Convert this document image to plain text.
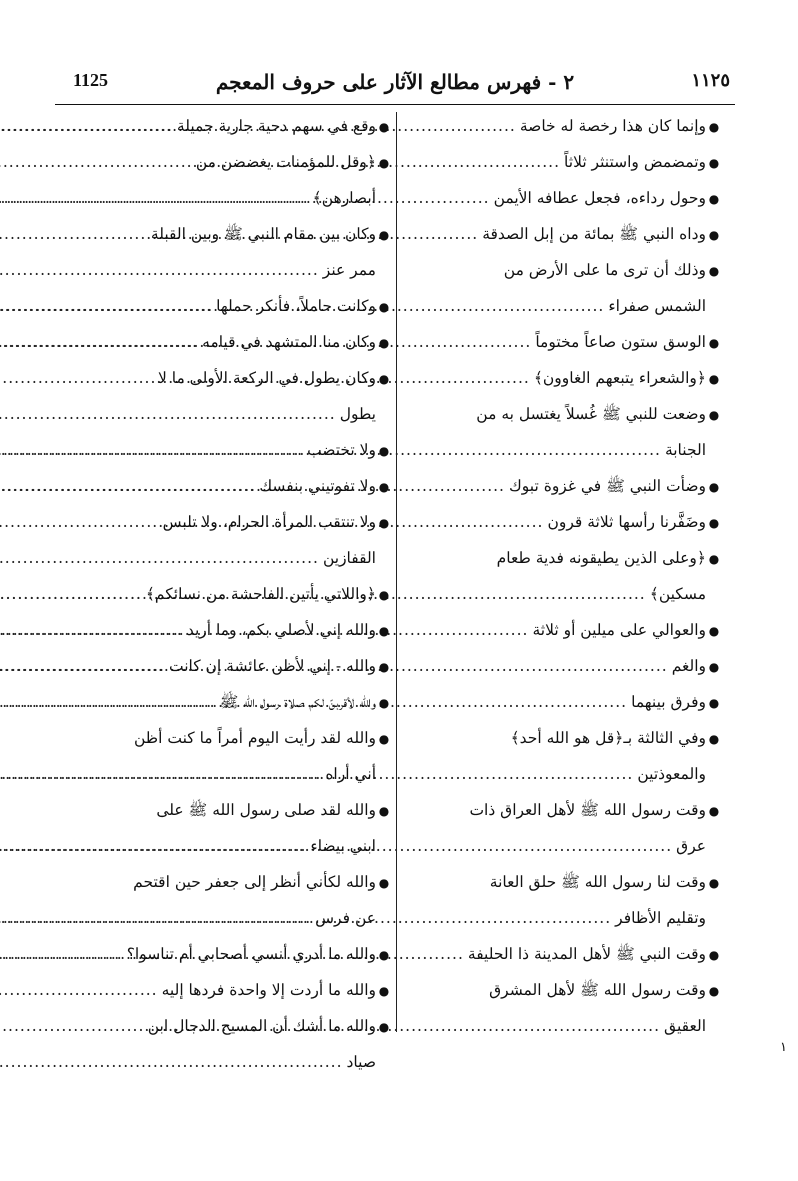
1125	٢ - فهرس مطالع الآثار على حروف المعجم	١١٢٥
●
وإنما كان هذا رخصة له خاصة
.....
●
وتمضمض واستنثر ثلاثاً
.....
●
وحول رداءه، فجعل عطافه الأيمن
.....
●
وداه النبي ﷺ بمائة من إبل الصدقة
.....
●
وذلك أن ترى ما على الأرض من
الشمس صفراء
.....
●
الوسق ستون صاعاً مختوماً
.....
●
﴿والشعراء يتبعهم الغاوون﴾
.....
●
وضعت للنبي ﷺ غُسلاً يغتسل به من
الجنابة
.....
●
وضأت النبي ﷺ في غزوة تبوك
.....
●
وضَفَّرنا رأسها ثلاثة قرون
.....
●
﴿وعلى الذين يطيقونه فدية طعام
مسكين﴾
.....
●
والعوالي على ميلين أو ثلاثة
.....
●
والغم
.....
●
وفرق بينهما
.....
●
وفي الثالثة بـ﴿قل هو الله أحد﴾
والمعوذتين
.....
●
وقت رسول الله ﷺ لأهل العراق ذات
عرق
.....
●
وقت لنا رسول الله ﷺ حلق العانة
وتقليم الأظافر
.....
●
وقت النبي ﷺ لأهل المدينة ذا الحليفة
.....
●
وقت رسول الله ﷺ لأهل المشرق
العقيق
.....
●
وقع في سهم دحية جارية جميلة
.....
●
﴿وقل للمؤمنات يغضضن من
أبصارهن﴾
.....
●
وكان بين مقام النبي ﷺ وبين القبلة
ممر عنز
.....
●
وكانت حاملاً، فأنكر حملها
.....
●
وكان منا المتشهد في قيامه
.....
●
وكان يطول في الركعة الأولى ما لا
يطول
.....
●
ولا تختضب
.....
●
ولا تفوتيني بنفسك
.....
●
ولا تنتقب المرأة الحرام، ولا تلبس
القفازين
.....
●
﴿واللاتي يأتين الفاحشة من نسائكم﴾
.....
●
والله إني لأصلي بكم، وما أريد
.....
●
والله - إني لأظن عائشة إن كانت
.....
●
والله لأقربنّ لكم صلاة رسول الله ﷺ
.....
●
والله لقد رأيت اليوم أمراً ما كنت أظن
أني أراه
.....
●
والله لقد صلى رسول الله ﷺ على
ابني بيضاء
.....
●
والله لكأني أنظر إلى جعفر حين اقتحم
عن فرس
.....
●
والله ما أدري أنسي أصحابي أم تناسوا؟
.....
●
والله ما أردت إلا واحدة فردها إليه
.....
●
والله ما أشك أن المسيح الدجال ابن
صياد
.....
١
